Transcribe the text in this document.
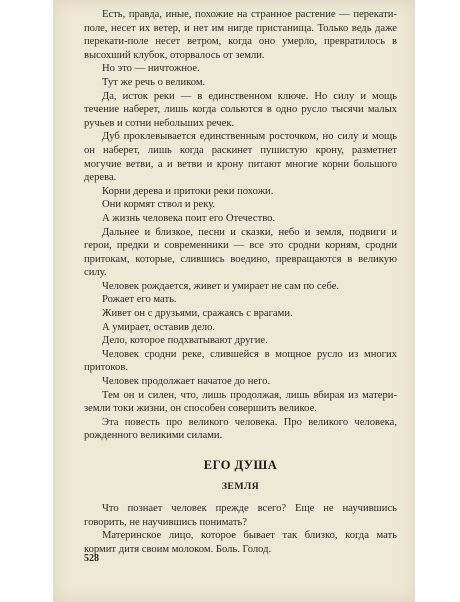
Есть, правда, иные, похожие на странное растение — перекати-поле, несет их ветер, и нет им нигде пристанища. Только ведь даже перекати-поле несет ветром, когда оно умерло, превратилось в высохший клубок, оторвалось от земли.

Но это — ничтожное.

Тут же речь о великом.

Да, исток реки — в единственном ключе. Но силу и мощь течение наберет, лишь когда сольются в одно русло тысячи малых ручьев и сотни небольших речек.

Дуб проклевывается единственным росточком, но силу и мощь он наберет, лишь когда раскинет пушистую крону, разметнет могучие ветви, а и ветви и крону питают многие корни большого дерева.

Корни дерева и притоки реки похожи.

Они кормят ствол и реку.

А жизнь человека поит его Отечество.

Дальнее и близкое, песни и сказки, небо и земля, подвиги и герои, предки и современники — все это сродни корням, сродни притокам, которые, слившись воедино, превращаются в великую силу.

Человек рождается, живет и умирает не сам по себе.

Рожает его мать.

Живет он с друзьями, сражаясь с врагами.

А умирает, оставив дело.

Дело, которое подхватывают другие.

Человек сродни реке, слившейся в мощное русло из многих притоков.

Человек продолжает начатое до него.

Тем он и силен, что, лишь продолжая, лишь вбирая из матери-земли токи жизни, он способен совершить великое.

Эта повесть про великого человека. Про великого человека, рожденного великими силами.

ЕГО ДУША
ЗЕМЛЯ

Что познает человек прежде всего? Еще не научившись говорить, не научившись понимать?

Материнское лицо, которое бывает так близко, когда мать кормит дитя своим молоком. Боль. Голод.

528
